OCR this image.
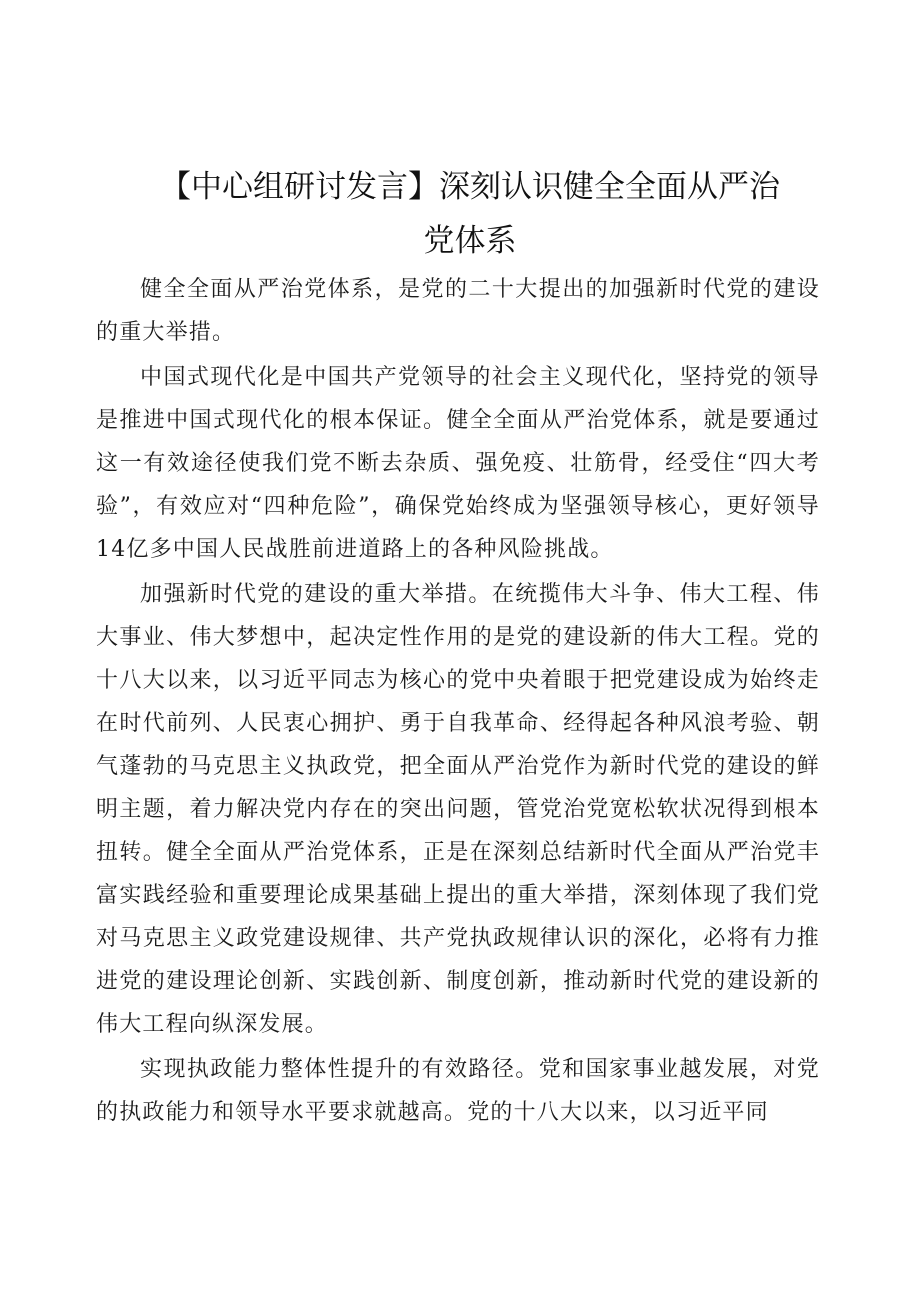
【中心组研讨发言】深刻认识健全全面从严治
党体系

健全全面从严治党体系，是党的二十大提出的加强新时代党的建设的重大举措。

中国式现代化是中国共产党领导的社会主义现代化，坚持党的领导是推进中国式现代化的根本保证。健全全面从严治党体系，就是要通过这一有效途径使我们党不断去杂质、强免疫、壮筋骨，经受住“四大考验”，有效应对“四种危险”，确保党始终成为坚强领导核心，更好领导14亿多中国人民战胜前进道路上的各种风险挑战。

加强新时代党的建设的重大举措。在统揽伟大斗争、伟大工程、伟大事业、伟大梦想中，起决定性作用的是党的建设新的伟大工程。党的十八大以来，以习近平同志为核心的党中央着眼于把党建设成为始终走在时代前列、人民衷心拥护、勇于自我革命、经得起各种风浪考验、朝气蓬勃的马克思主义执政党，把全面从严治党作为新时代党的建设的鲜明主题，着力解决党内存在的突出问题，管党治党宽松软状况得到根本扭转。健全全面从严治党体系，正是在深刻总结新时代全面从严治党丰富实践经验和重要理论成果基础上提出的重大举措，深刻体现了我们党对马克思主义政党建设规律、共产党执政规律认识的深化，必将有力推进党的建设理论创新、实践创新、制度创新，推动新时代党的建设新的伟大工程向纵深发展。

实现执政能力整体性提升的有效路径。党和国家事业越发展，对党的执政能力和领导水平要求就越高。党的十八大以来，以习近平同
